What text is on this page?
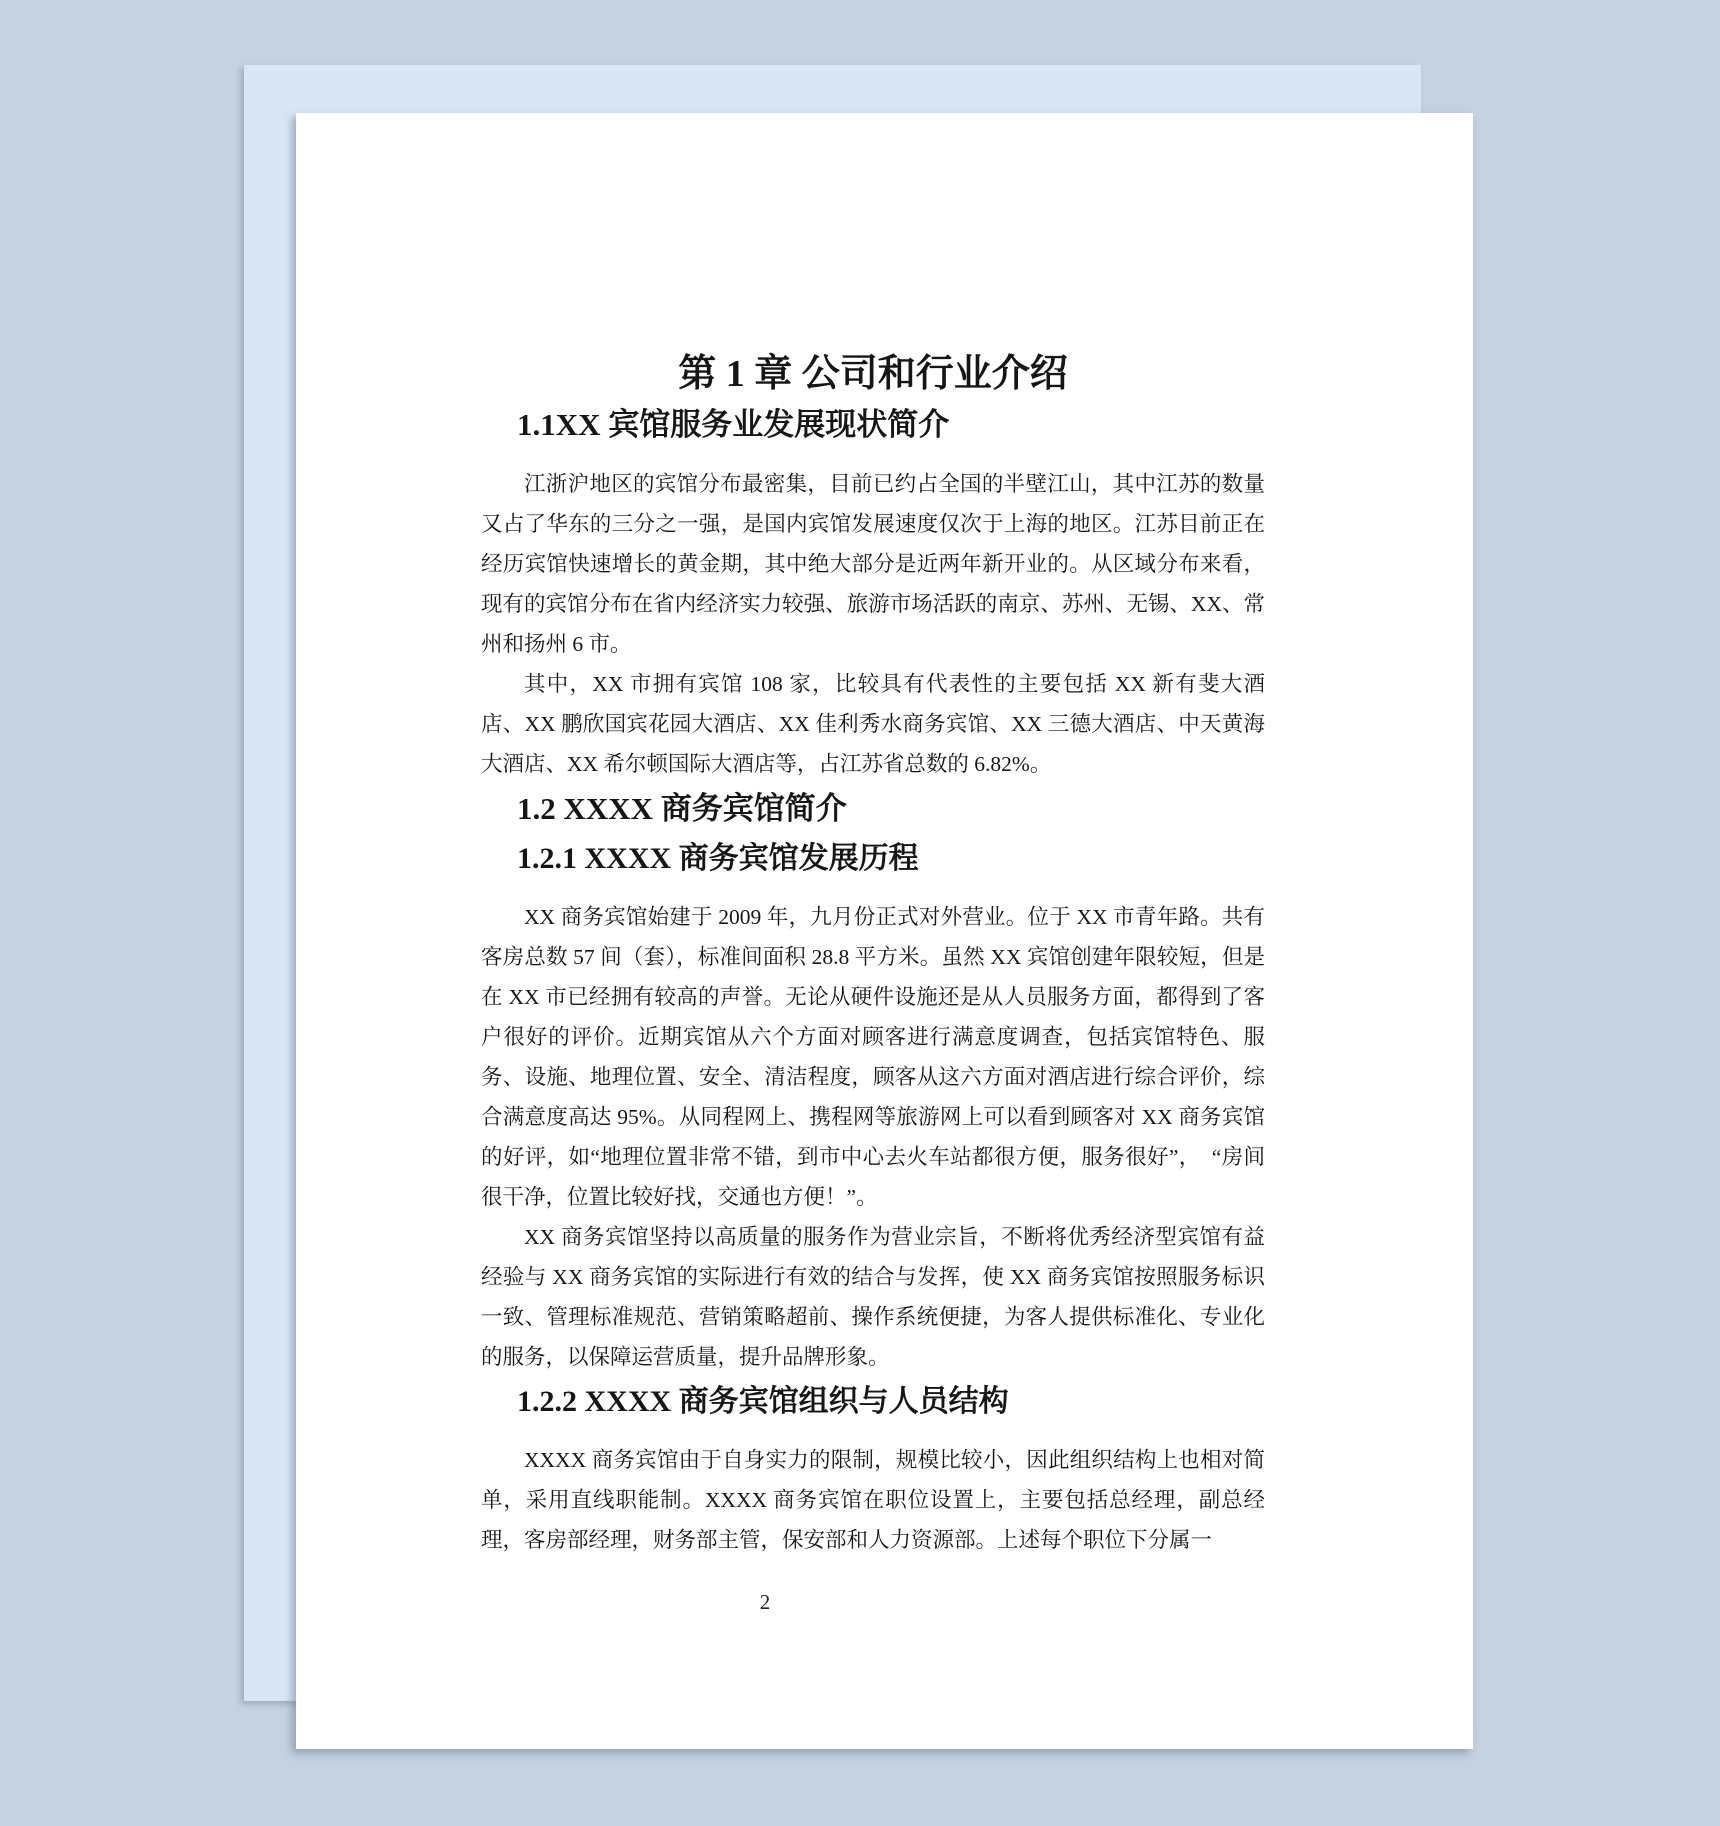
第 1 章 公司和行业介绍
1.1XX 宾馆服务业发展现状简介

江浙沪地区的宾馆分布最密集，目前已约占全国的半壁江山，其中江苏的数量又占了华东的三分之一强，是国内宾馆发展速度仅次于上海的地区。江苏目前正在经历宾馆快速增长的黄金期，其中绝大部分是近两年新开业的。从区域分布来看，现有的宾馆分布在省内经济实力较强、旅游市场活跃的南京、苏州、无锡、XX、常州和扬州 6 市。

其中，XX 市拥有宾馆 108 家，比较具有代表性的主要包括 XX 新有斐大酒店、XX 鹏欣国宾花园大酒店、XX 佳利秀水商务宾馆、XX 三德大酒店、中天黄海大酒店、XX 希尔顿国际大酒店等，占江苏省总数的 6.82%。

1.2 XXXX 商务宾馆简介
1.2.1 XXXX 商务宾馆发展历程

XX 商务宾馆始建于 2009 年，九月份正式对外营业。位于 XX 市青年路。共有客房总数 57 间（套），标准间面积 28.8 平方米。虽然 XX 宾馆创建年限较短，但是在 XX 市已经拥有较高的声誉。无论从硬件设施还是从人员服务方面，都得到了客户很好的评价。近期宾馆从六个方面对顾客进行满意度调查，包括宾馆特色、服务、设施、地理位置、安全、清洁程度，顾客从这六方面对酒店进行综合评价，综合满意度高达 95%。从同程网上、携程网等旅游网上可以看到顾客对 XX 商务宾馆的好评，如“地理位置非常不错，到市中心去火车站都很方便，服务很好”，　“房间很干净，位置比较好找，交通也方便！”。

XX 商务宾馆坚持以高质量的服务作为营业宗旨，不断将优秀经济型宾馆有益经验与 XX 商务宾馆的实际进行有效的结合与发挥，使 XX 商务宾馆按照服务标识一致、管理标准规范、营销策略超前、操作系统便捷，为客人提供标准化、专业化的服务，以保障运营质量，提升品牌形象。

1.2.2 XXXX 商务宾馆组织与人员结构

XXXX 商务宾馆由于自身实力的限制，规模比较小，因此组织结构上也相对简单，采用直线职能制。XXXX 商务宾馆在职位设置上，主要包括总经理，副总经理，客房部经理，财务部主管，保安部和人力资源部。上述每个职位下分属一

2
